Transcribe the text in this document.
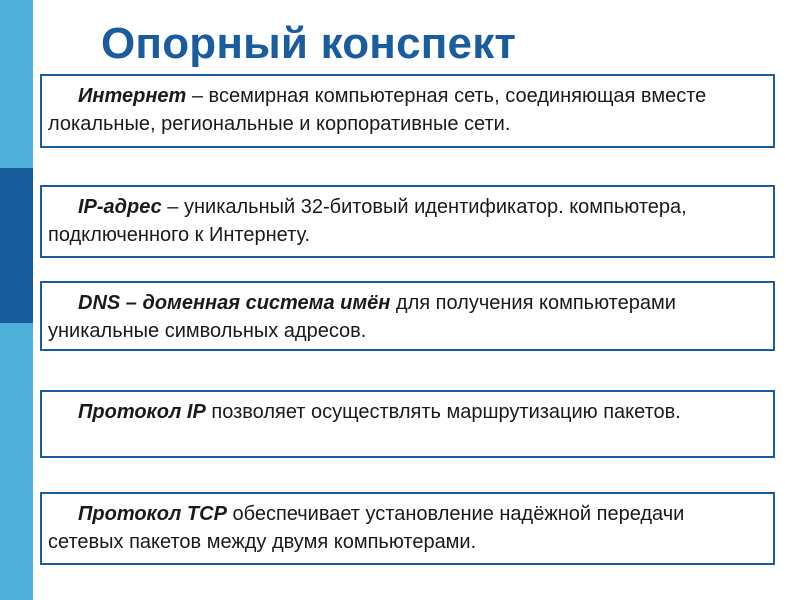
Опорный конспект
Интернет – всемирная компьютерная сеть, соединяющая вместе локальные, региональные и корпоративные сети.
IP-адрес – уникальный 32-битовый идентификатор. компьютера, подключенного к Интернету.
DNS – доменная система имён для получения компьютерами уникальные символьных адресов.
Протокол IP позволяет осуществлять маршрутизацию пакетов.
Протокол TCP обеспечивает установление надёжной передачи сетевых пакетов между двумя компьютерами.
